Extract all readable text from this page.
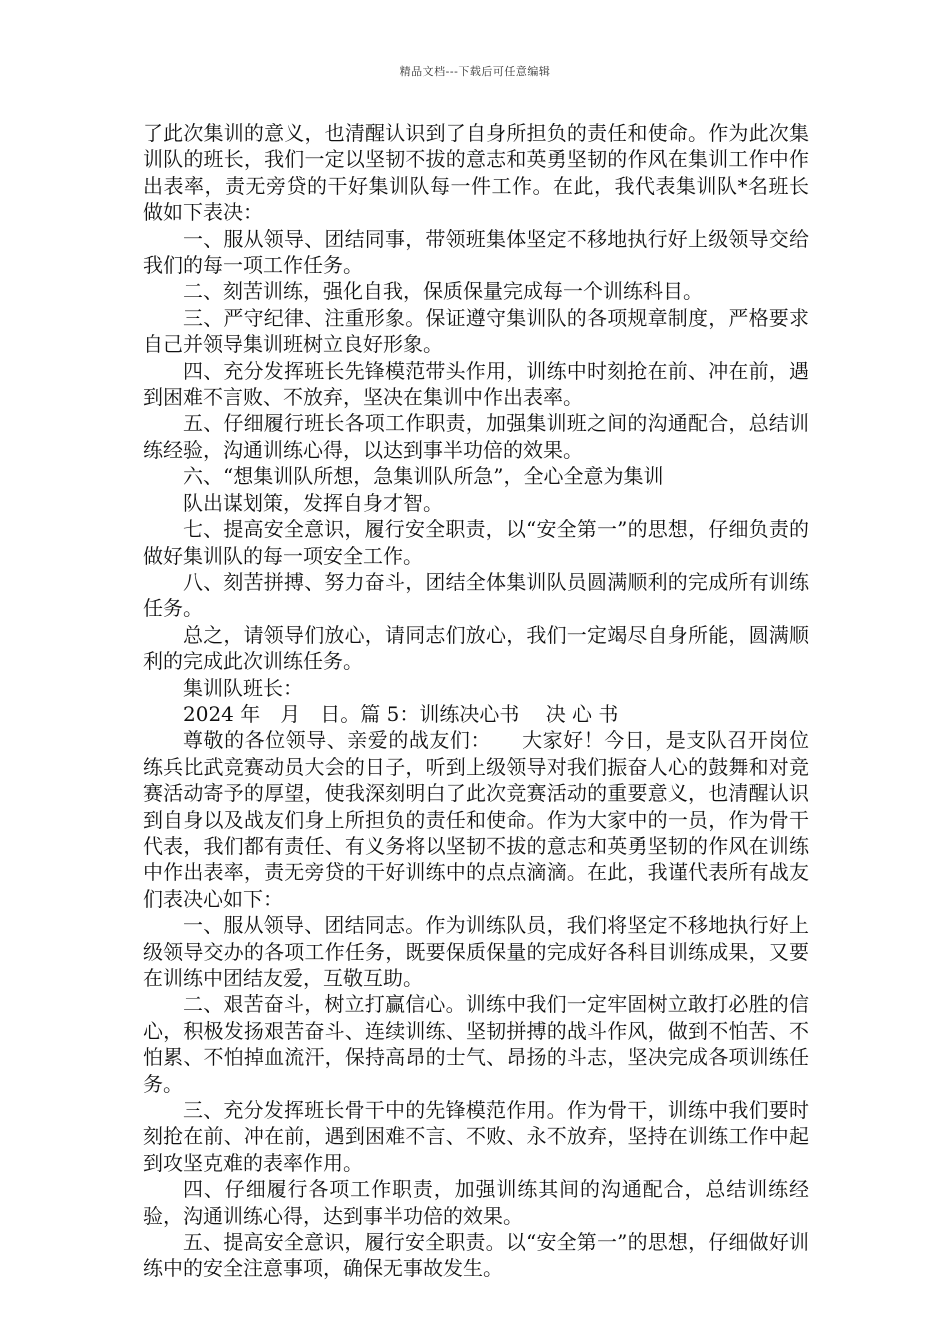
精品文档---下载后可任意编辑

了此次集训的意义，也清醒认识到了自身所担负的责任和使命。作为此次集训队的班长，我们一定以坚韧不拔的意志和英勇坚韧的作风在集训工作中作出表率，责无旁贷的干好集训队每一件工作。在此，我代表集训队*名班长做如下表决：

一、服从领导、团结同事，带领班集体坚定不移地执行好上级领导交给我们的每一项工作任务。

二、刻苦训练，强化自我，保质保量完成每一个训练科目。

三、严守纪律、注重形象。保证遵守集训队的各项规章制度，严格要求自己并领导集训班树立良好形象。

四、充分发挥班长先锋模范带头作用，训练中时刻抢在前、冲在前，遇到困难不言败、不放弃，坚决在集训中作出表率。

五、仔细履行班长各项工作职责，加强集训班之间的沟通配合，总结训练经验，沟通训练心得，以达到事半功倍的效果。

六、“想集训队所想，急集训队所急”，全心全意为集训

队出谋划策，发挥自身才智。

七、提高安全意识，履行安全职责，以“安全第一”的思想，仔细负责的做好集训队的每一项安全工作。

八、刻苦拼搏、努力奋斗，团结全体集训队员圆满顺利的完成所有训练任务。

总之，请领导们放心，请同志们放心，我们一定竭尽自身所能，圆满顺利的完成此次训练任务。

集训队班长：

2024 年　月　日。篇 5：训练决心书　 决 心 书

尊敬的各位领导、亲爱的战友们：　　大家好！今日，是支队召开岗位练兵比武竞赛动员大会的日子，听到上级领导对我们振奋人心的鼓舞和对竞赛活动寄予的厚望，使我深刻明白了此次竞赛活动的重要意义，也清醒认识到自身以及战友们身上所担负的责任和使命。作为大家中的一员，作为骨干代表，我们都有责任、有义务将以坚韧不拔的意志和英勇坚韧的作风在训练中作出表率，责无旁贷的干好训练中的点点滴滴。在此，我谨代表所有战友们表决心如下：

一、服从领导、团结同志。作为训练队员，我们将坚定不移地执行好上级领导交办的各项工作任务，既要保质保量的完成好各科目训练成果，又要在训练中团结友爱，互敬互助。

二、艰苦奋斗，树立打赢信心。训练中我们一定牢固树立敢打必胜的信心，积极发扬艰苦奋斗、连续训练、坚韧拼搏的战斗作风，做到不怕苦、不怕累、不怕掉血流汗，保持高昂的士气、昂扬的斗志，坚决完成各项训练任务。

三、充分发挥班长骨干中的先锋模范作用。作为骨干，训练中我们要时刻抢在前、冲在前，遇到困难不言、不败、永不放弃，坚持在训练工作中起到攻坚克难的表率作用。

四、仔细履行各项工作职责，加强训练其间的沟通配合，总结训练经验，沟通训练心得，达到事半功倍的效果。

五、提高安全意识，履行安全职责。以“安全第一”的思想，仔细做好训练中的安全注意事项，确保无事故发生。
